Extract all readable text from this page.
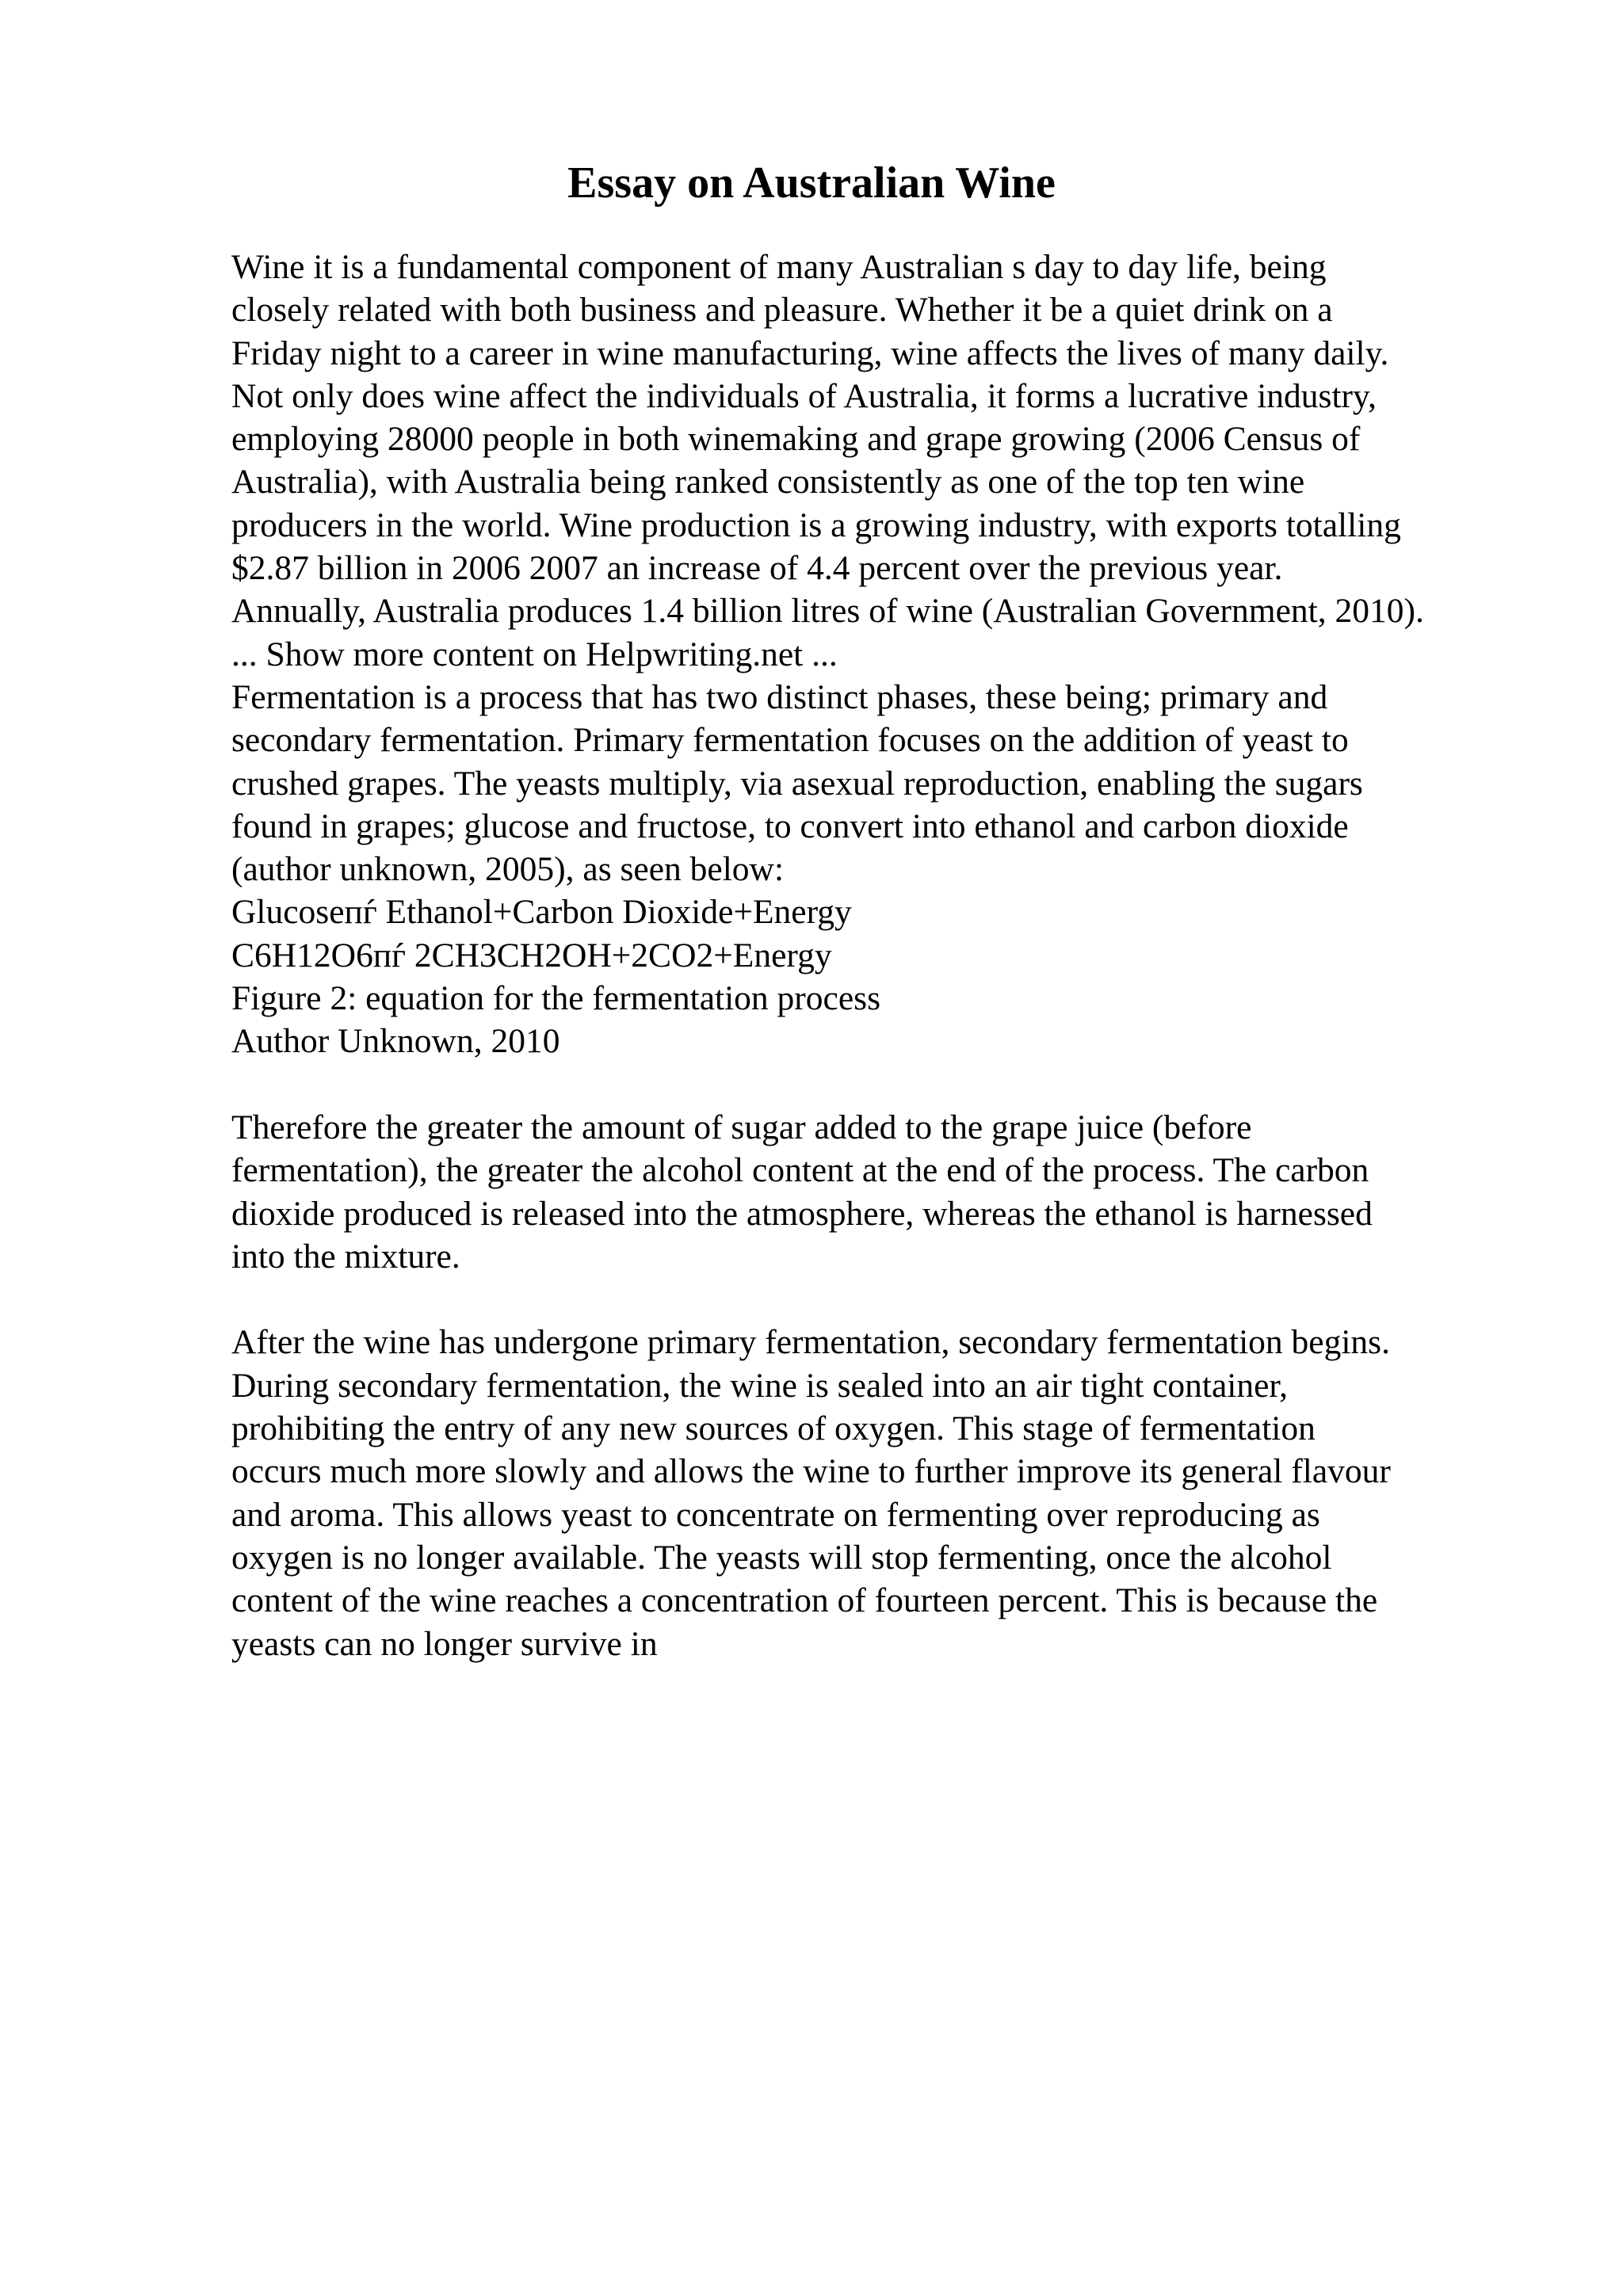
Essay on Australian Wine
Wine it is a fundamental component of many Australian s day to day life, being
closely related with both business and pleasure. Whether it be a quiet drink on a
Friday night to a career in wine manufacturing, wine affects the lives of many daily.
Not only does wine affect the individuals of Australia, it forms a lucrative industry,
employing 28000 people in both winemaking and grape growing (2006 Census of
Australia), with Australia being ranked consistently as one of the top ten wine
producers in the world. Wine production is a growing industry, with exports totalling
$2.87 billion in 2006 2007 an increase of 4.4 percent over the previous year.
Annually, Australia produces 1.4 billion litres of wine (Australian Government, 2010).
... Show more content on Helpwriting.net ...
Fermentation is a process that has two distinct phases, these being; primary and
secondary fermentation. Primary fermentation focuses on the addition of yeast to
crushed grapes. The yeasts multiply, via asexual reproduction, enabling the sugars
found in grapes; glucose and fructose, to convert into ethanol and carbon dioxide
(author unknown, 2005), as seen below:
Glucoseпѓ Ethanol+Carbon Dioxide+Energy
C6H12O6пѓ 2CH3CH2OH+2CO2+Energy
Figure 2: equation for the fermentation process
Author Unknown, 2010
Therefore the greater the amount of sugar added to the grape juice (before
fermentation), the greater the alcohol content at the end of the process. The carbon
dioxide produced is released into the atmosphere, whereas the ethanol is harnessed
into the mixture.
After the wine has undergone primary fermentation, secondary fermentation begins.
During secondary fermentation, the wine is sealed into an air tight container,
prohibiting the entry of any new sources of oxygen. This stage of fermentation
occurs much more slowly and allows the wine to further improve its general flavour
and aroma. This allows yeast to concentrate on fermenting over reproducing as
oxygen is no longer available. The yeasts will stop fermenting, once the alcohol
content of the wine reaches a concentration of fourteen percent. This is because the
yeasts can no longer survive in
